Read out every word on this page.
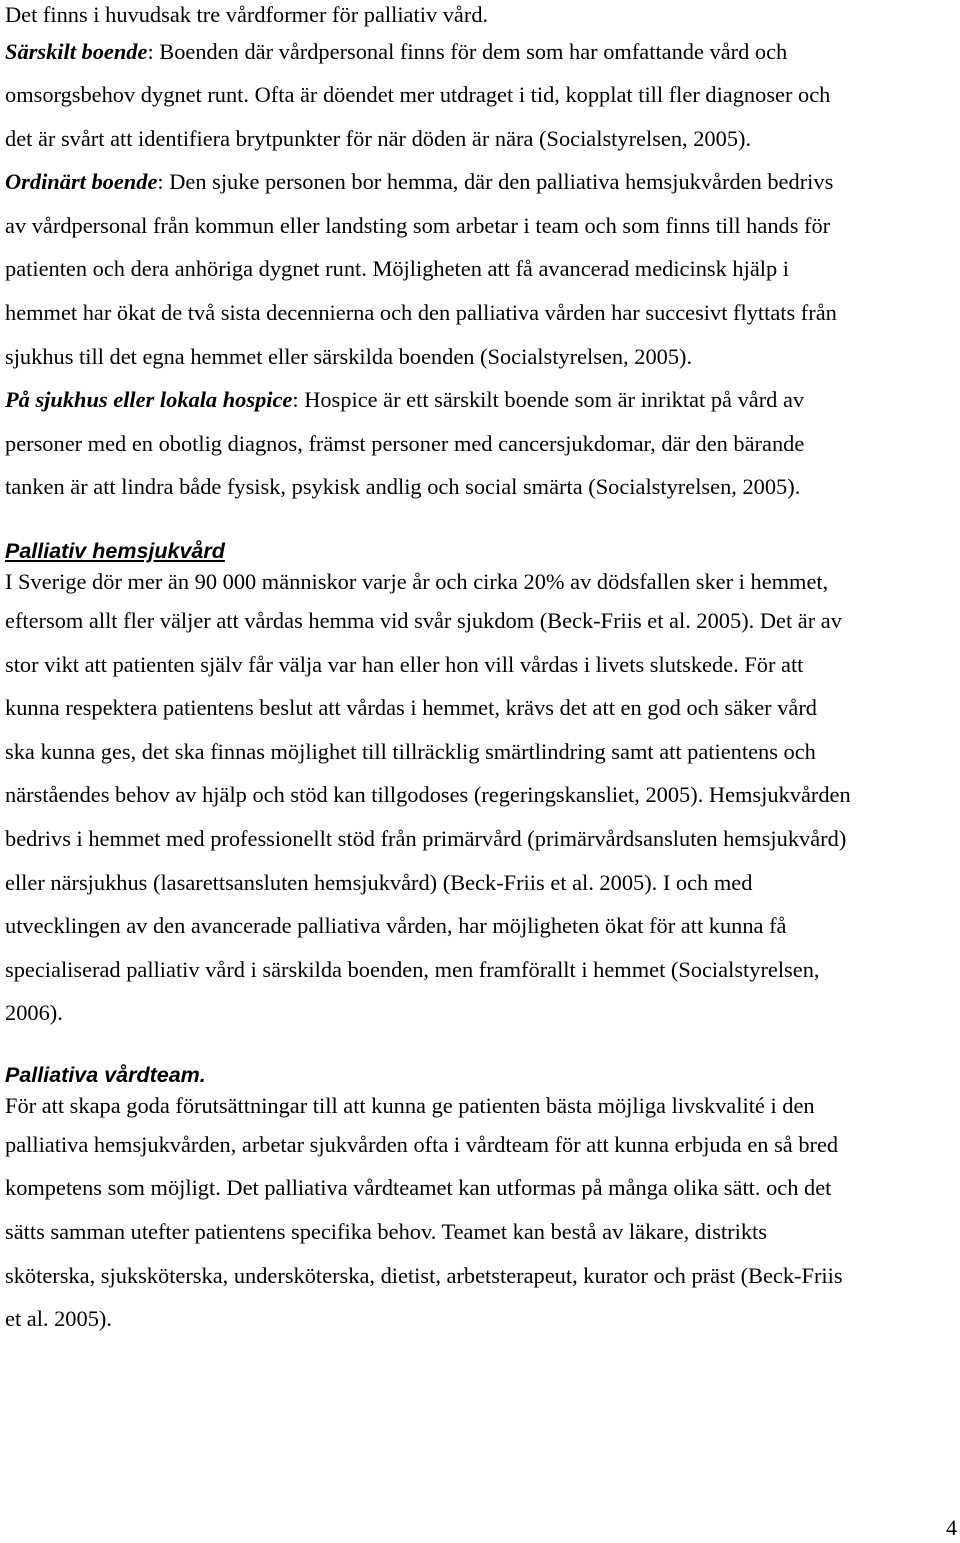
Det finns i huvudsak tre vårdformer för palliativ vård.

Särskilt boende: Boenden där vårdpersonal finns för dem som har omfattande vård och

omsorgsbehov dygnet runt. Ofta är döendet mer utdraget i tid, kopplat till fler diagnoser och

det är svårt att identifiera brytpunkter för när döden är nära (Socialstyrelsen, 2005).

Ordinärt boende: Den sjuke personen bor hemma, där den palliativa hemsjukvården bedrivs

av vårdpersonal från kommun eller landsting som arbetar i team och som finns till hands för

patienten och dera anhöriga dygnet runt. Möjligheten att få avancerad medicinsk hjälp i

hemmet har ökat de två sista decennierna och den palliativa vården har succesivt flyttats från

sjukhus till det egna hemmet eller särskilda boenden (Socialstyrelsen, 2005).

På sjukhus eller lokala hospice: Hospice är ett särskilt boende som är inriktat på vård av

personer med en obotlig diagnos, främst personer med cancersjukdomar, där den bärande

tanken är att lindra både fysisk, psykisk andlig och social smärta (Socialstyrelsen, 2005).

Palliativ hemsjukvård

I Sverige dör mer än 90 000 människor varje år och cirka 20% av dödsfallen sker i hemmet,

eftersom allt fler väljer att vårdas hemma vid svår sjukdom (Beck-Friis et al. 2005). Det är av

stor vikt att patienten själv får välja var han eller hon vill vårdas i livets slutskede. För att

kunna respektera patientens beslut att vårdas i hemmet, krävs det att en god och säker vård

ska kunna ges, det ska finnas möjlighet till tillräcklig smärtlindring samt att patientens och

närståendes behov av hjälp och stöd kan tillgodoses (regeringskansliet, 2005). Hemsjukvården

bedrivs i hemmet med professionellt stöd från primärvård (primärvårdsansluten hemsjukvård)

eller närsjukhus (lasarettsansluten hemsjukvård) (Beck-Friis et al. 2005). I och med

utvecklingen av den avancerade palliativa vården, har möjligheten ökat för att kunna få

specialiserad palliativ vård i särskilda boenden, men framförallt i hemmet (Socialstyrelsen,

2006).

Palliativa vårdteam.

För att skapa goda förutsättningar till att kunna ge patienten bästa möjliga livskvalité i den

palliativa hemsjukvården, arbetar sjukvården ofta i vårdteam för att kunna erbjuda en så bred

kompetens som möjligt. Det palliativa vårdteamet kan utformas på många olika sätt. och det

sätts samman utefter patientens specifika behov. Teamet kan bestå av läkare, distrikts

sköterska, sjuksköterska, undersköterska, dietist, arbetsterapeut, kurator och präst (Beck-Friis

et al. 2005).

4
